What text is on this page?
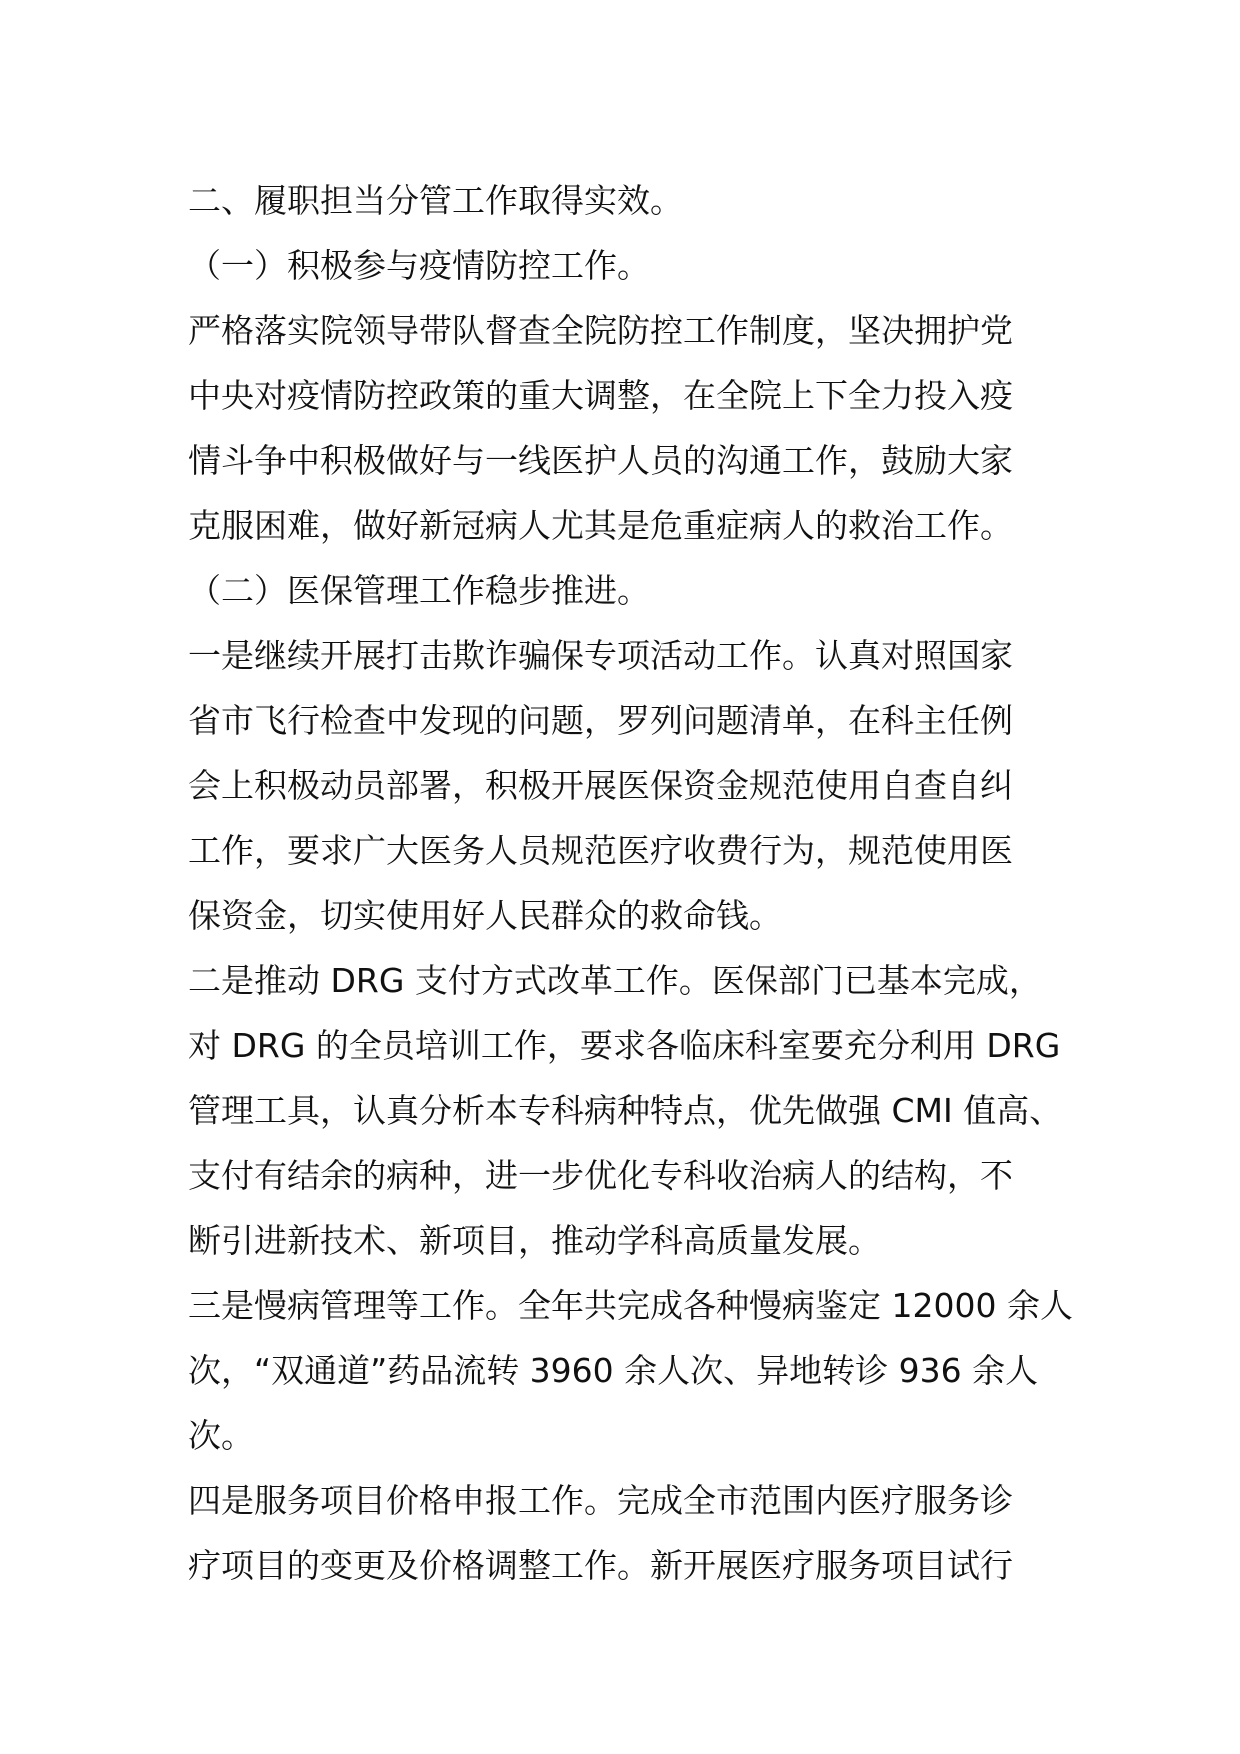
二、履职担当分管工作取得实效。
（一）积极参与疫情防控工作。
严格落实院领导带队督查全院防控工作制度，坚决拥护党
中央对疫情防控政策的重大调整，在全院上下全力投入疫
情斗争中积极做好与一线医护人员的沟通工作，鼓励大家
克服困难，做好新冠病人尤其是危重症病人的救治工作。
（二）医保管理工作稳步推进。
一是继续开展打击欺诈骗保专项活动工作。认真对照国家
省市飞行检查中发现的问题，罗列问题清单，在科主任例
会上积极动员部署，积极开展医保资金规范使用自查自纠
工作，要求广大医务人员规范医疗收费行为，规范使用医
保资金，切实使用好人民群众的救命钱。
二是推动 DRG 支付方式改革工作。医保部门已基本完成，
对 DRG 的全员培训工作，要求各临床科室要充分利用 DRG
管理工具，认真分析本专科病种特点，优先做强 CMI 值高、
支付有结余的病种，进一步优化专科收治病人的结构，不
断引进新技术、新项目，推动学科高质量发展。
三是慢病管理等工作。全年共完成各种慢病鉴定 12000 余人
次，“双通道”药品流转 3960 余人次、异地转诊 936 余人
次。
四是服务项目价格申报工作。完成全市范围内医疗服务诊
疗项目的变更及价格调整工作。新开展医疗服务项目试行
